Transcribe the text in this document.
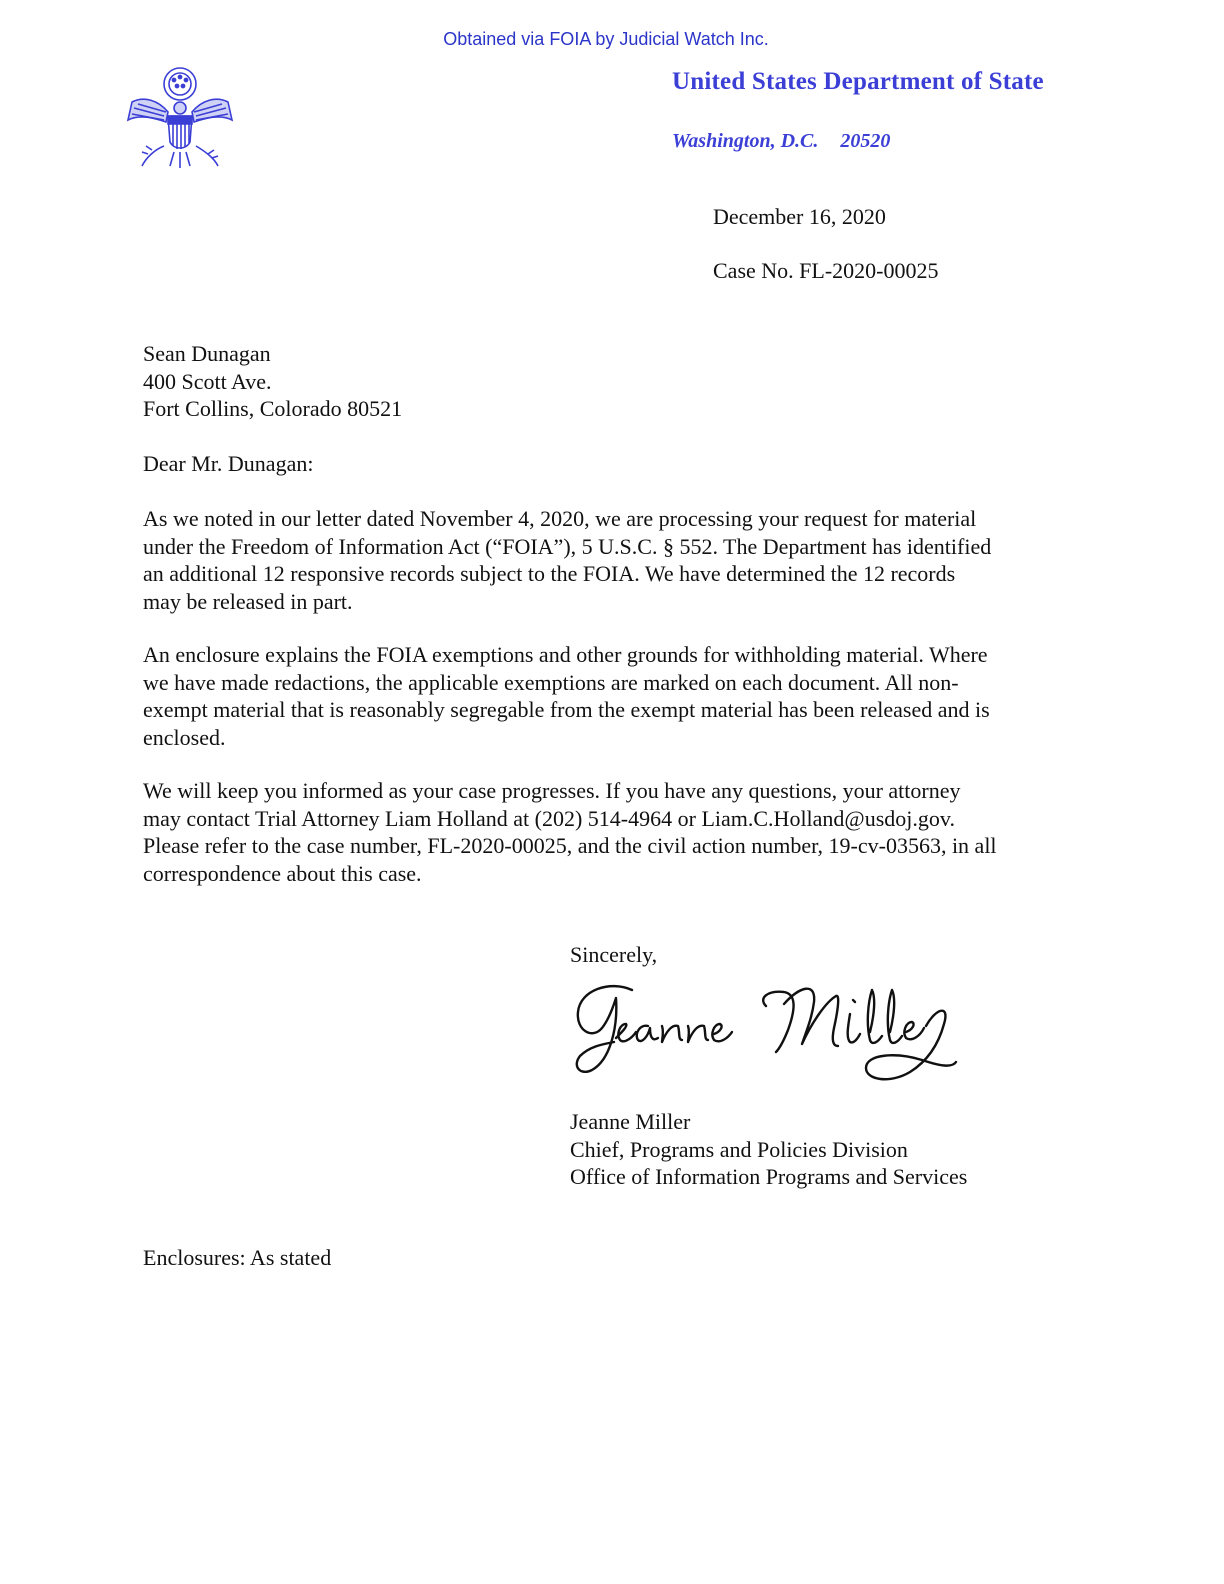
Obtained via FOIA by Judicial Watch Inc.
United States Department of State
Washington, D.C. 20520
December 16, 2020
Case No. FL-2020-00025
Sean Dunagan
400 Scott Ave.
Fort Collins, Colorado 80521
Dear Mr. Dunagan:
As we noted in our letter dated November 4, 2020, we are processing your request for material
under the Freedom of Information Act (“FOIA”), 5 U.S.C. § 552. The Department has identified
an additional 12 responsive records subject to the FOIA. We have determined the 12 records
may be released in part.
An enclosure explains the FOIA exemptions and other grounds for withholding material. Where
we have made redactions, the applicable exemptions are marked on each document. All non-
exempt material that is reasonably segregable from the exempt material has been released and is
enclosed.
We will keep you informed as your case progresses. If you have any questions, your attorney
may contact Trial Attorney Liam Holland at (202) 514-4964 or Liam.C.Holland@usdoj.gov.
Please refer to the case number, FL-2020-00025, and the civil action number, 19-cv-03563, in all
correspondence about this case.
Sincerely,
Jeanne Miller
Chief, Programs and Policies Division
Office of Information Programs and Services
Enclosures: As stated
